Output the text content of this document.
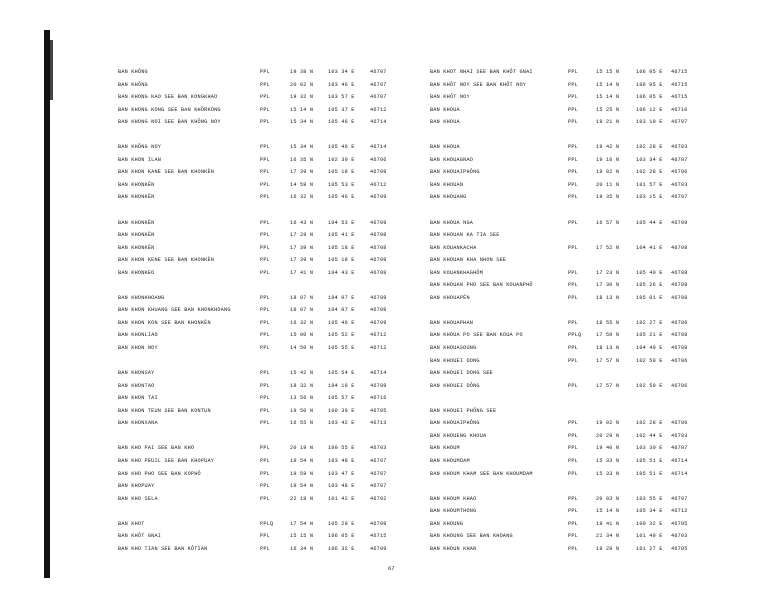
BAN KHÔNG	PPL	19 38 N	103 34 E	46707
BAN KHÔNG	PPL	20 02 N	103 46 E	46707
BAN KHONG KAO SEE BAN KONGKHAO	PPL	19 32 N	103 57 E	46707
BAN KHONG KONG SEE BAN KHÔRKONG	PPL	15 14 N	105 37 E	46712
BAN KHONG NOI SEE BAN KHÔNG NOY	PPL	15 34 N	105 46 E	46714
BAN KHÔNG NOY	PPL	15 34 N	105 46 E	46714
BAN KHON ILAN	PPL	16 35 N	102 30 E	46706
BAN KHON KANE SEE BAN KHONKÈN	PPL	17 39 N	105 18 E	46708
BAN KHONKÈN	PPL	14 59 N	105 53 E	46712
BAN KHONKÈN	PPL	16 32 N	105 46 E	46709
BAN KHONKÈN	PPL	16 43 N	104 53 E	46709
BAN KHONKÈN	PPL	17 28 N	105 41 E	46708
BAN KHONKÈN	PPL	17 39 N	105 18 E	46708
BAN KHON KENE SEE BAN KHONKÈN	PPL	17 39 N	105 18 E	46708
BAN KHONKEO	PPL	17 41 N	104 43 E	46708
BAN KHONKHOANG	PPL	18 07 N	104 07 E	46708
BAN KHON KHUANG SEE BAN KHONKHOANG	PPL	18 07 N	104 07 E	46708
BAN KHON KON SEE BAN KHONKÈN	PPL	16 32 N	105 46 E	46709
BAN KHONLIAO	PPL	15 00 N	105 52 E	46712
BAN KHON NOY	PPL	14 50 N	105 55 E	46712
BAN KHONSAY	PPL	15 42 N	105 54 E	46714
BAN KHONTAO	PPL	18 32 N	104 18 E	46708
BAN KHON TAI	PPL	13 56 N	105 57 E	46716
BAN KHON TEUN SEE BAN KONTUN	PPL	19 50 N	100 39 E	46705
BAN KHONXANA	PPL	16 55 N	103 42 E	46713
BAN KHO PAI SEE BAN KHO	PPL	20 19 N	100 55 E	46703
BAN KHO PEUIL SEE BAN KHOPUAY	PPL	19 54 N	103 48 E	46707
BAN KHO PHO SEE BAN KOPHÔ	PPL	19 59 N	103 47 E	46707
BAN KHOPUAY	PPL	19 54 N	103 48 E	46707
BAN KHO SELA	PPL	22 18 N	101 42 E	46702
BAN KHOT	PPLQ	17 54 N	105 29 E	46708
BAN KHÔT GNAI	PPL	15 15 N	106 05 E	46715
BAN KHO TIAN SEE BAN KÔTIAN	PPL	16 34 N	106 32 E	46709
BAN KHOT NHAI SEE BAN KHÔT GNAI	PPL	15 15 N	106 05 E 46715
BAN KHÔT NOY SEE BAN KHÔT NOY	PPL	15 14 N	106 05 E 46715
BAN KHÔT NOY	PPL	15 14 N	106 05 E 46715
BAN KHOUA	PPL	15 25 N	106 12 E 46710
BAN KHOUA	PPL	19 21 N	103 19 E 46707
BAN KHOUA	PPL	19 42 N	102 28 E 46703
BAN KHOUAGNAO	PPL	19 16 N	103 34 E 46707
BAN KHOUAIPHÔNG	PPL	19 02 N	102 28 E 46706
BAN KHOUAN	PPL	20 11 N	101 57 E 46703
BAN KHOUANG	PPL	19 35 N	103 15 E 46707
BAN KHOUA NGA	PPL	16 57 N	105 44 E 46709
BAN KHOUAN KA TIA SEE
BAN KOUANKACHA	PPL	17 52 N	104 41 E 46708
BAN KHOUAN KHA NHON SEE
BAN KOUANKHAGHÔM	PPL	17 23 N	105 40 E 46708
BAN KHOUAN PHO SEE BAN KOUANPHÔ	PPL	17 30 N	105 26 E 46708
BAN KHOUAPÈN	PPL	18 13 N	105 01 E 46708
BAN KHOUAPHAN	PPL	18 55 N	102 27 E 46706
BAN KHOUA PO SEE BAN KOUA PO	PPLQ	17 50 N	105 21 E 46708
BAN KHOUASOUNG	PPL	18 13 N	104 49 E 46708
BAN KHOUEI DONG	PPL	17 57 N	102 50 E 46706
BAN KHOUEI DONG SEE
BAN KHOUEI DÔNG	PPL	17 57 N	102 50 E 46706
BAN KHOUEI PHÔNG SEE
BAN KHOUAIPHÔNG	PPL	19 02 N	102 28 E 46706
BAN KHOUENG KHOUA	PPL	20 29 N	102 44 E 46703
BAN KHOUM	PPL	19 40 N	103 30 E 46707
BAN KHOUMDAM	PPL	15 33 N	105 51 E 46714
BAN KHOUM KHAM SEE BAN KHOUMDAM	PPL	15 33 N	105 51 E 46714
BAN KHOUM KHAO	PPL	20 03 N	103 55 E 46707
BAN KHOUMTHONG	PPL	15 14 N	105 34 E 46712
BAN KHOUNG	PPL	19 41 N	100 32 E 46705
BAN KHOUNG SEE BAN KHOANG	PPL	21 34 N	101 49 E 46703
BAN KHOUN KHAN	PPL	19 28 N	101 27 E 46705
67
